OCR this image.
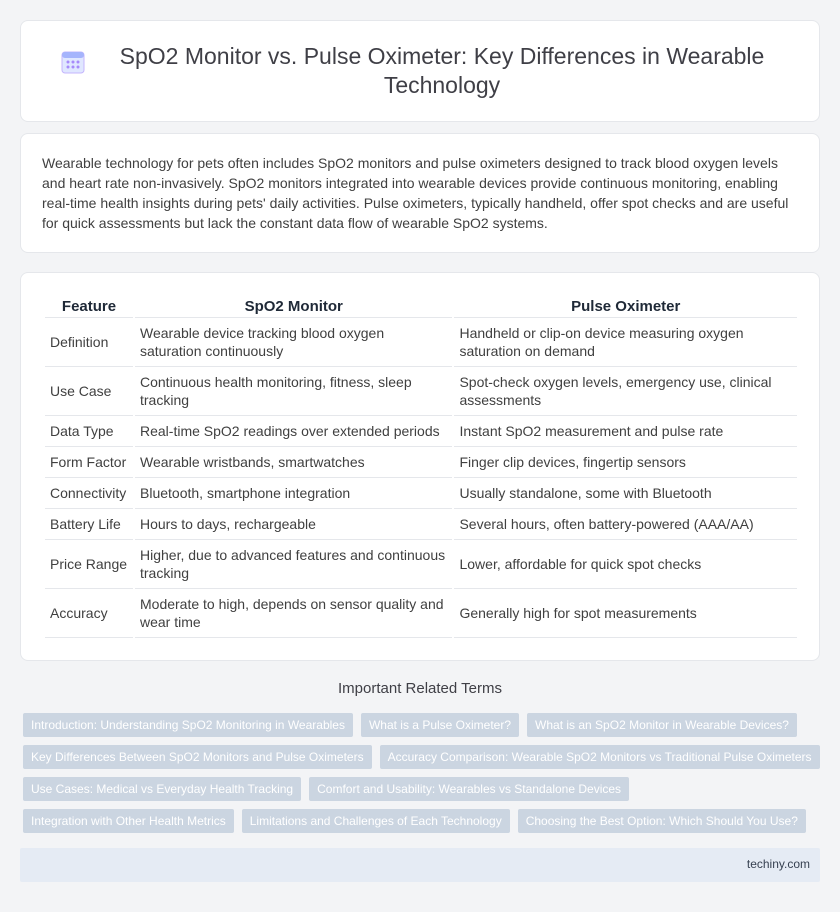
SpO2 Monitor vs. Pulse Oximeter: Key Differences in Wearable Technology

Wearable technology for pets often includes SpO2 monitors and pulse oximeters designed to track blood oxygen levels and heart rate non-invasively. SpO2 monitors integrated into wearable devices provide continuous monitoring, enabling real-time health insights during pets' daily activities. Pulse oximeters, typically handheld, offer spot checks and are useful for quick assessments but lack the constant data flow of wearable SpO2 systems.

Feature	SpO2 Monitor	Pulse Oximeter
Definition	Wearable device tracking blood oxygen saturation continuously	Handheld or clip-on device measuring oxygen saturation on demand
Use Case	Continuous health monitoring, fitness, sleep tracking	Spot-check oxygen levels, emergency use, clinical assessments
Data Type	Real-time SpO2 readings over extended periods	Instant SpO2 measurement and pulse rate
Form Factor	Wearable wristbands, smartwatches	Finger clip devices, fingertip sensors
Connectivity	Bluetooth, smartphone integration	Usually standalone, some with Bluetooth
Battery Life	Hours to days, rechargeable	Several hours, often battery-powered (AAA/AA)
Price Range	Higher, due to advanced features and continuous tracking	Lower, affordable for quick spot checks
Accuracy	Moderate to high, depends on sensor quality and wear time	Generally high for spot measurements
Important Related Terms
Introduction: Understanding SpO2 Monitoring in Wearables	What is a Pulse Oximeter?	What is an SpO2 Monitor in Wearable Devices?
Key Differences Between SpO2 Monitors and Pulse Oximeters	Accuracy Comparison: Wearable SpO2 Monitors vs Traditional Pulse Oximeters
Use Cases: Medical vs Everyday Health Tracking	Comfort and Usability: Wearables vs Standalone Devices
Integration with Other Health Metrics	Limitations and Challenges of Each Technology	Choosing the Best Option: Which Should You Use?
techiny.com
